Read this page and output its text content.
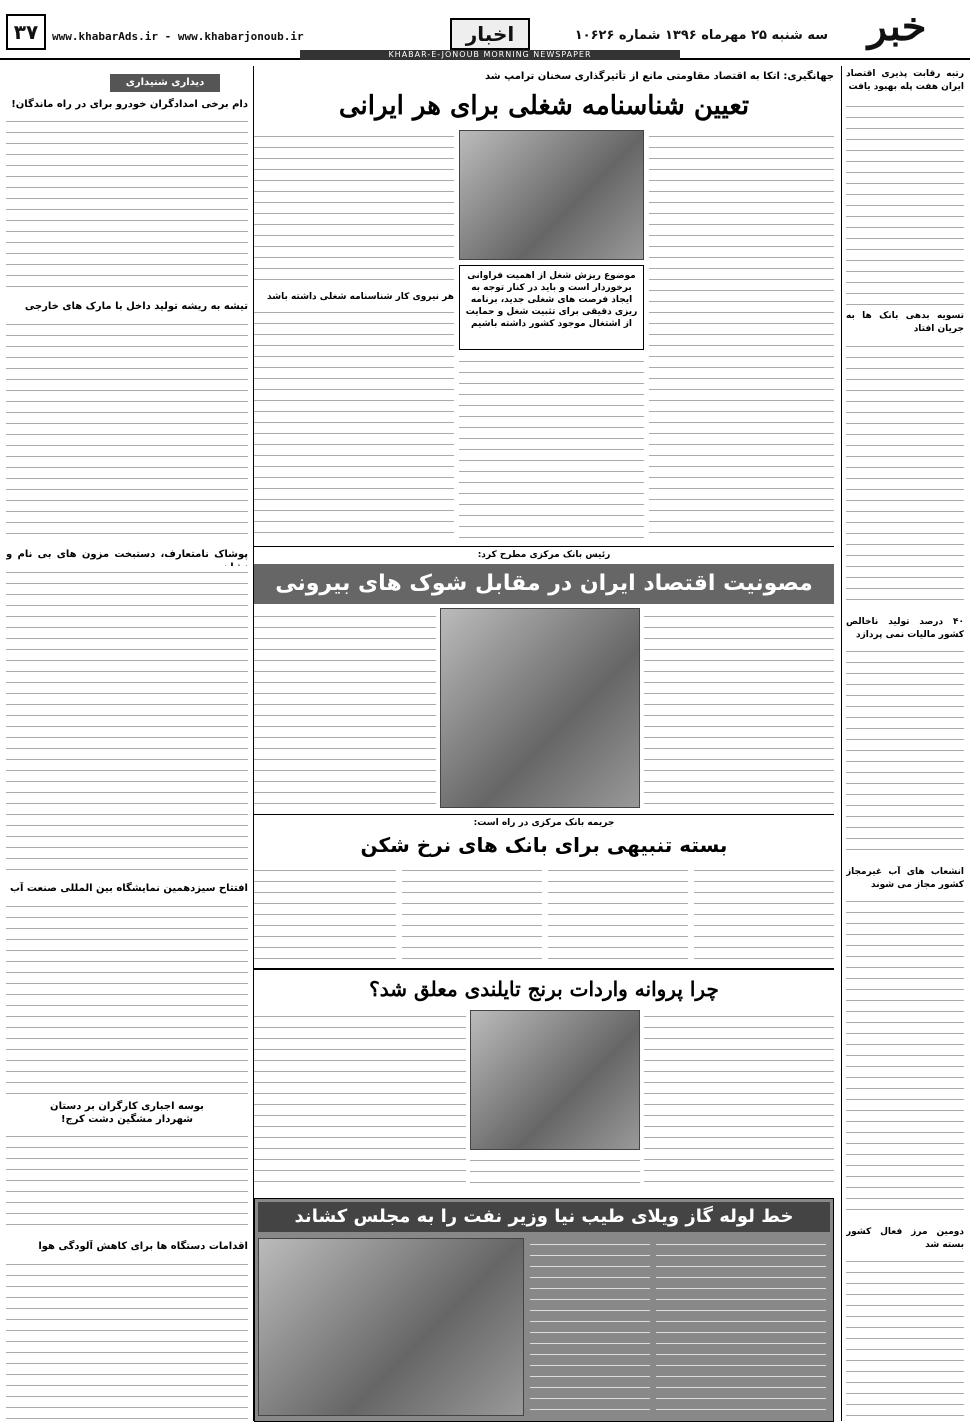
خبر
سه شنبه ۲۵ مهرماه ۱۳۹۶ شماره ۱۰۶۲۶
اخبار
www.khabarAds.ir - www.khabarjonoub.ir
۳۷
KHABAR-E-JONOUB MORNING NEWSPAPER
رتبه رقابت پذیری اقتصاد ایران هفت پله بهبود یافت
تسویه بدهی بانک ها به جریان افتاد
۴۰ درصد تولید ناخالص کشور مالیات نمی پردازد
انشعاب های آب غیرمجاز کشور مجاز می شوند
دومین مرز فعال کشور بسته شد
دیداری شنیداری
دام برخی امدادگران خودرو برای در راه ماندگان!
تیشه به ریشه تولید داخل با مارک های خارجی
پوشاک نامتعارف، دستبخت مزون های بی نام و
افتتاح سیزدهمین نمایشگاه بین المللی صنعت آب
بوسه اجباری کارگران بر دستان شهردار مشگین دشت کرج!
اقدامات دستگاه ها برای کاهش آلودگی هوا
جهانگیری: اتکا به اقتصاد مقاومتی مانع از تأثیرگذاری سخنان ترامپ شد
تعیین شناسنامه شغلی برای هر ایرانی
موضوع ریزش شغل از اهمیت فراوانی برخوردار است و باید در کنار توجه به ایجاد فرصت های شغلی جدید، برنامه ریزی دقیقی برای تثبیت شغل و حمایت از اشتغال موجود کشور داشته باشیم
هر نیروی کار شناسنامه شغلی داشته باشد
رئیس بانک مرکزی مطرح کرد:
مصونیت اقتصاد ایران در مقابل شوک های بیرونی
جریمه بانک مرکزی در راه است:
بسته تنبیهی برای بانک های نرخ شکن
چرا پروانه واردات برنج تایلندی معلق شد؟
خط لوله گاز ویلای طیب نیا وزیر نفت را به مجلس کشاند
